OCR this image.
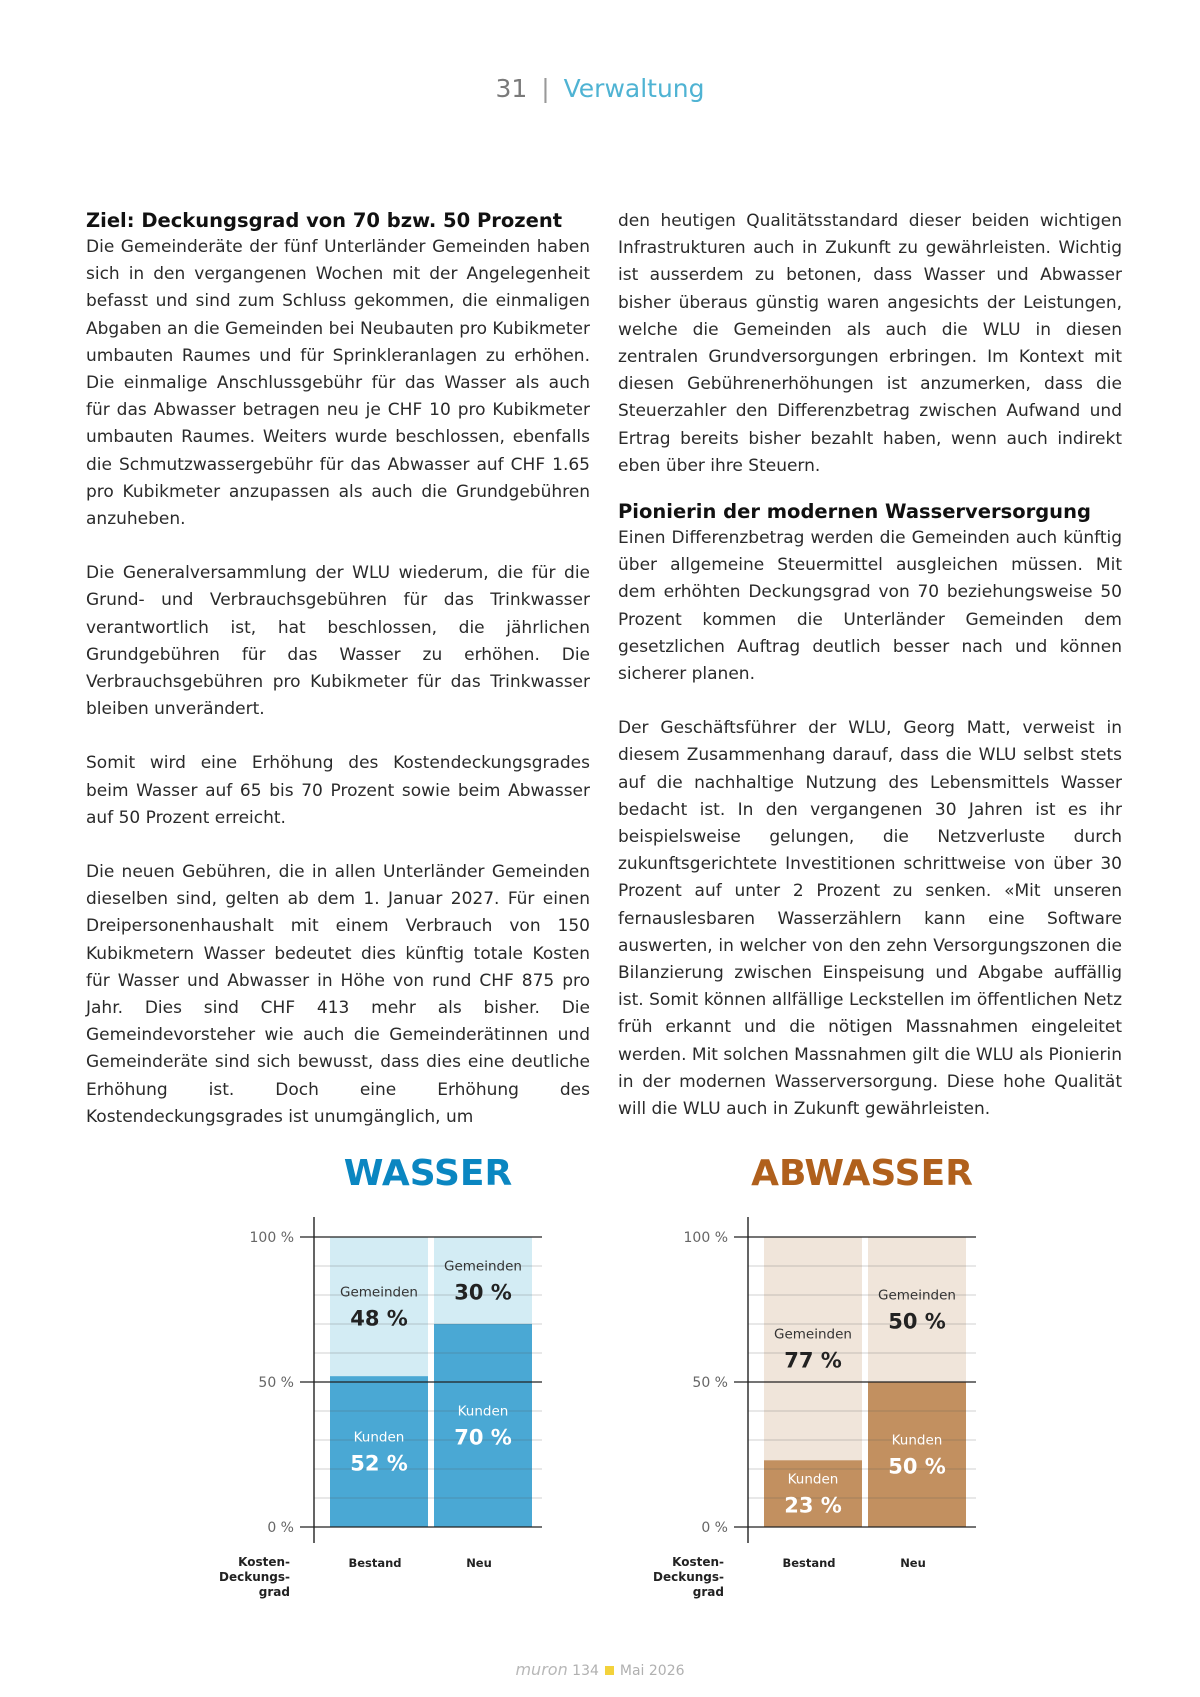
31 | Verwaltung
Ziel: Deckungsgrad von 70 bzw. 50 Prozent

Die Gemeinderäte der fünf Unterländer Gemeinden haben sich in den vergangenen Wochen mit der Angelegenheit befasst und sind zum Schluss gekommen, die einmaligen Abgaben an die Gemeinden bei Neubauten pro Kubikmeter umbauten Raumes und für Sprinkleranlagen zu erhöhen. Die einmalige Anschlussgebühr für das Wasser als auch für das Abwasser betragen neu je CHF 10 pro Kubikmeter umbauten Raumes. Weiters wurde beschlossen, ebenfalls die Schmutzwassergebühr für das Abwasser auf CHF 1.65 pro Kubikmeter anzupassen als auch die Grundgebühren anzuheben.

Die Generalversammlung der WLU wiederum, die für die Grund- und Verbrauchsgebühren für das Trinkwasser verantwortlich ist, hat beschlossen, die jährlichen Grundgebühren für das Wasser zu erhöhen. Die Verbrauchsgebühren pro Kubikmeter für das Trinkwasser bleiben unverändert.

Somit wird eine Erhöhung des Kostendeckungsgrades beim Wasser auf 65 bis 70 Prozent sowie beim Abwasser auf 50 Prozent erreicht.

Die neuen Gebühren, die in allen Unterländer Gemeinden dieselben sind, gelten ab dem 1. Januar 2027. Für einen Dreipersonenhaushalt mit einem Verbrauch von 150 Kubikmetern Wasser bedeutet dies künftig totale Kosten für Wasser und Abwasser in Höhe von rund CHF 875 pro Jahr. Dies sind CHF 413 mehr als bisher. Die Gemeindevorsteher wie auch die Gemeinderätinnen und Gemeinderäte sind sich bewusst, dass dies eine deutliche Erhöhung ist. Doch eine Erhöhung des Kostendeckungsgrades ist unumgänglich, um

den heutigen Qualitätsstandard dieser beiden wichtigen Infrastrukturen auch in Zukunft zu gewährleisten. Wichtig ist ausserdem zu betonen, dass Wasser und Abwasser bisher überaus günstig waren angesichts der Leistungen, welche die Gemeinden als auch die WLU in diesen zentralen Grundversorgungen erbringen. Im Kontext mit diesen Gebührenerhöhungen ist anzumerken, dass die Steuerzahler den Differenzbetrag zwischen Aufwand und Ertrag bereits bisher bezahlt haben, wenn auch indirekt eben über ihre Steuern.

Pionierin der modernen Wasserversorgung

Einen Differenzbetrag werden die Gemeinden auch künftig über allgemeine Steuermittel ausgleichen müssen. Mit dem erhöhten Deckungsgrad von 70 beziehungsweise 50 Prozent kommen die Unterländer Gemeinden dem gesetzlichen Auftrag deutlich besser nach und können sicherer planen.

Der Geschäftsführer der WLU, Georg Matt, verweist in diesem Zusammenhang darauf, dass die WLU selbst stets auf die nachhaltige Nutzung des Lebensmittels Wasser bedacht ist. In den vergangenen 30 Jahren ist es ihr beispielsweise gelungen, die Netzverluste durch zukunftsgerichtete Investitionen schrittweise von über 30 Prozent auf unter 2 Prozent zu senken. «Mit unseren fernauslesbaren Wasserzählern kann eine Software auswerten, in welcher von den zehn Versorgungszonen die Bilanzierung zwischen Einspeisung und Abgabe auffällig ist. Somit können allfällige Leckstellen im öffentlichen Netz früh erkannt und die nötigen Massnahmen eingeleitet werden. Mit solchen Massnahmen gilt die WLU als Pionierin in der modernen Wasserversorgung. Diese hohe Qualität will die WLU auch in Zukunft gewährleisten.

WASSER	ABWASSER
0 %
50 %
100 %
Kunden
52 %
Gemeinden
48 %
Kunden
70 %
Gemeinden
30 %
0 %
50 %
100 %
Kunden
23 %
Gemeinden
77 %
Kunden
50 %
Gemeinden
50 %
Bestand	Neu	Bestand	Neu
Kosten-
Deckungs-
grad
Kosten-
Deckungs-
grad
muron 134 Mai 2026
